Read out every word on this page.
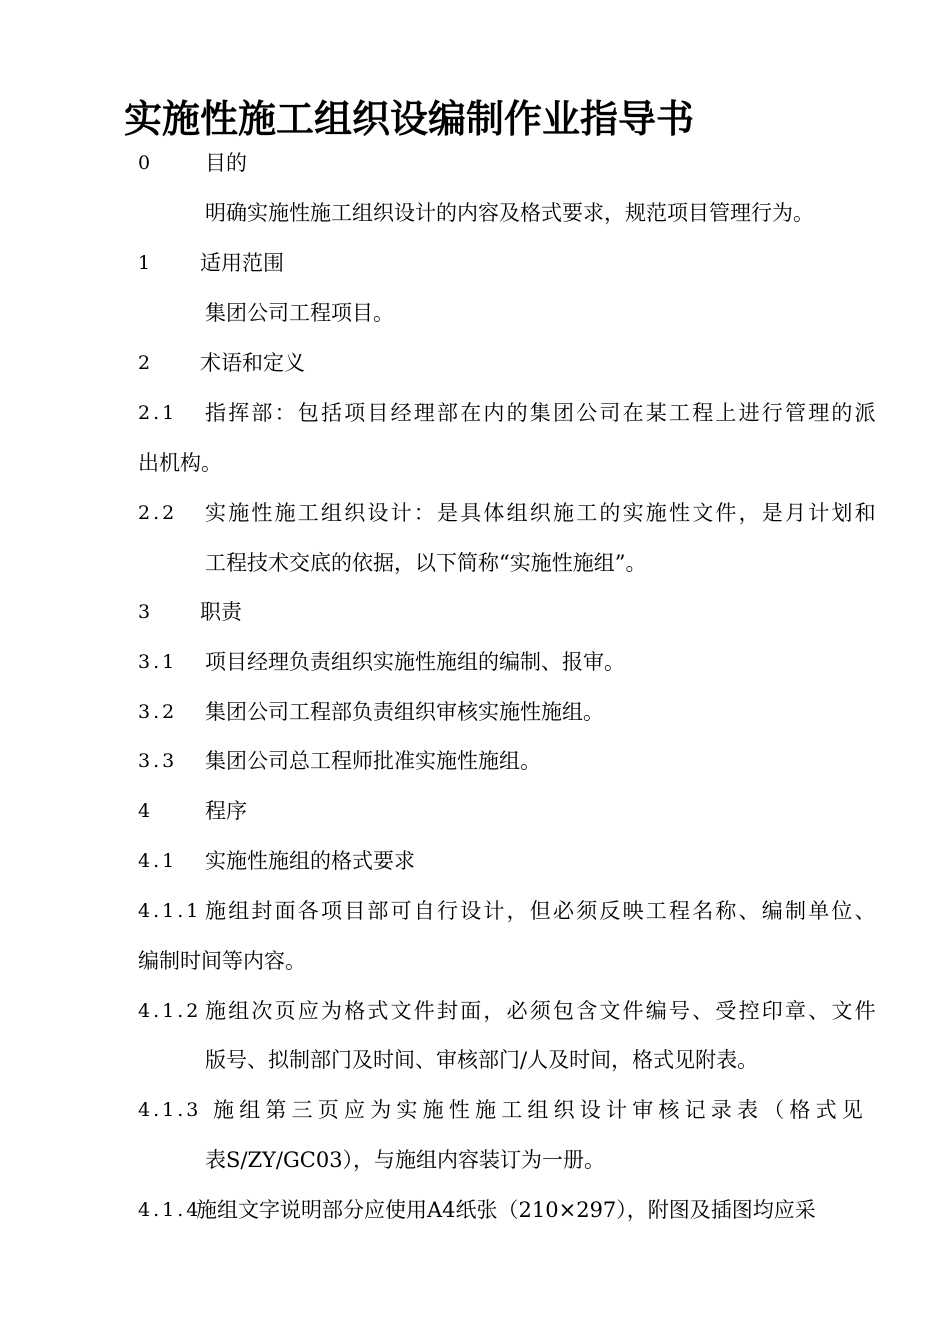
实施性施工组织设编制作业指导书
0 目的
明确实施性施工组织设计的内容及格式要求，规范项目管理行为。
1 适用范围
集团公司工程项目。
2 术语和定义
2.1 指挥部：包括项目经理部在内的集团公司在某工程上进行管理的派
出机构。
2.2 实施性施工组织设计：是具体组织施工的实施性文件，是月计划和
工程技术交底的依据，以下简称“实施性施组”。
3 职责
3.1 项目经理负责组织实施性施组的编制、报审。
3.2 集团公司工程部负责组织审核实施性施组。
3.3 集团公司总工程师批准实施性施组。
4 程序
4.1 实施性施组的格式要求
4.1.1 施组封面各项目部可自行设计，但必须反映工程名称、编制单位、
编制时间等内容。
4.1.2 施组次页应为格式文件封面，必须包含文件编号、受控印章、文件
版号、拟制部门及时间、审核部门/人及时间，格式见附表。
4.1.3 施组第三页应为实施性施工组织设计审核记录表（格式见
表S/ZY/GC03），与施组内容装订为一册。
4.1.4
施组文字说明部分应使用A4纸张（210×297），附图及插图均应采
